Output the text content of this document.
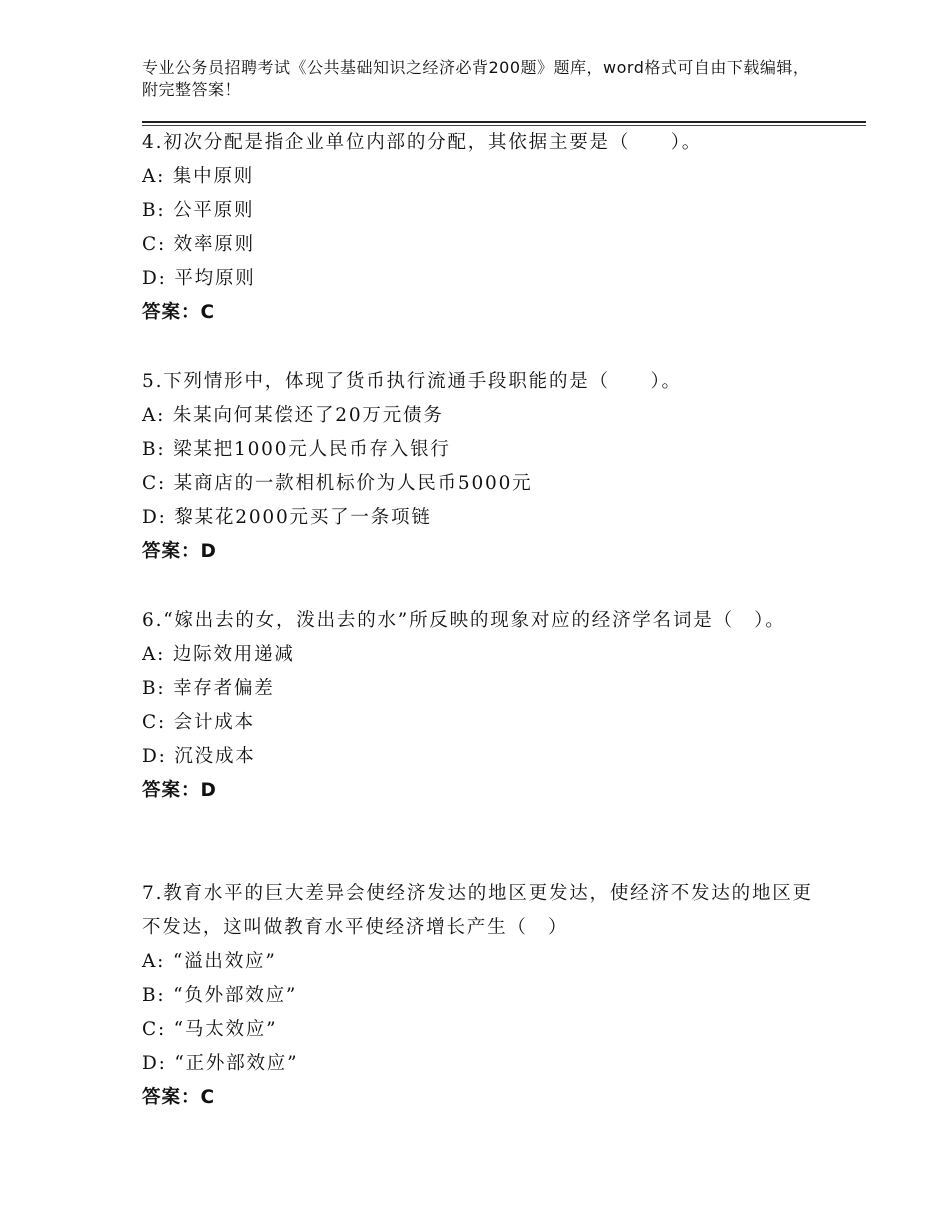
专业公务员招聘考试《公共基础知识之经济必背200题》题库，word格式可自由下载编辑，附完整答案！

4.初次分配是指企业单位内部的分配，其依据主要是（　　）。

A: 集中原则

B: 公平原则

C: 效率原则

D: 平均原则

答案：C

5.下列情形中，体现了货币执行流通手段职能的是（　　）。

A: 朱某向何某偿还了20万元债务

B: 梁某把1000元人民币存入银行

C: 某商店的一款相机标价为人民币5000元

D: 黎某花2000元买了一条项链

答案：D

6.“嫁出去的女，泼出去的水”所反映的现象对应的经济学名词是（　）。

A: 边际效用递减

B: 幸存者偏差

C: 会计成本

D: 沉没成本

答案：D

7.教育水平的巨大差异会使经济发达的地区更发达，使经济不发达的地区更不发达，这叫做教育水平使经济增长产生（　）

A: “溢出效应”

B: “负外部效应”

C: “马太效应”

D: “正外部效应”

答案：C
